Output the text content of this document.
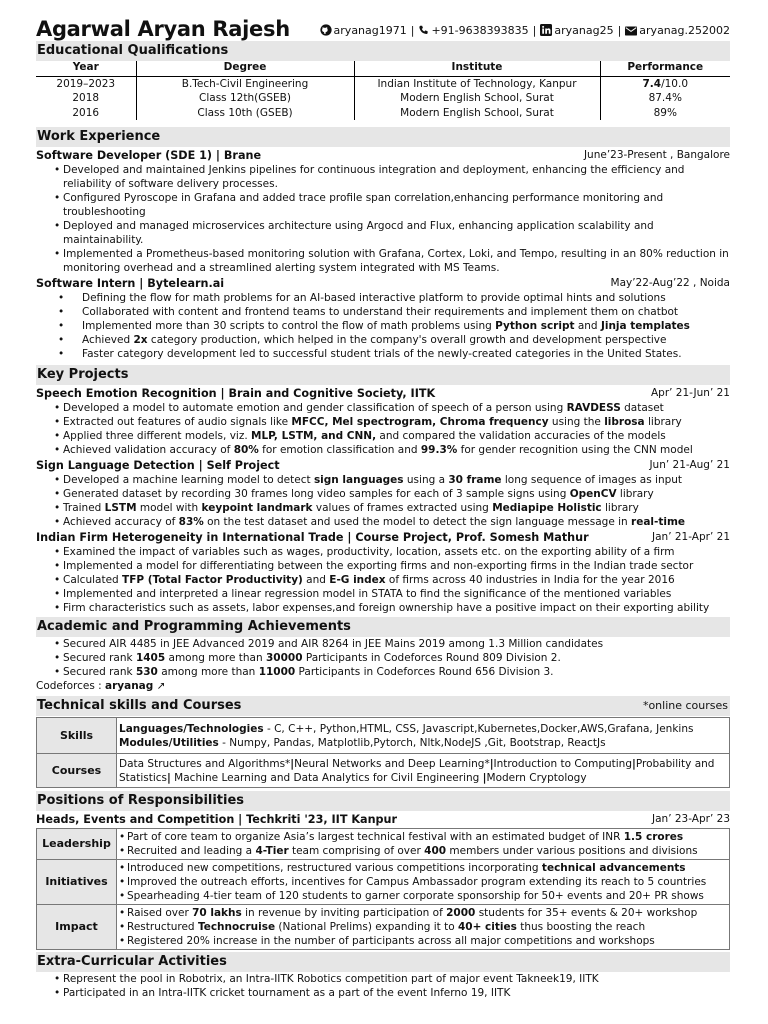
Agarwal Aryan Rajesh	aryanag1971 | +91-9638393835 | aryanag25 | aryanag.252002
Educational Qualifications
Year	Degree	Institute	Performance
2019–2023	B.Tech-Civil Engineering	Indian Institute of Technology, Kanpur	7.4/10.0
2018	Class 12th(GSEB)	Modern English School, Surat	87.4%
2016	Class 10th (GSEB)	Modern English School, Surat	89%
Work Experience
Software Developer (SDE 1) | Brane	June’23-Present , Bangalore
• Developed and maintained Jenkins pipelines for continuous integration and deployment, enhancing the efficiency and reliability of software delivery processes.
• Configured Pyroscope in Grafana and added trace profile span correlation,enhancing performance monitoring and troubleshooting
• Deployed and managed microservices architecture using Argocd and Flux, enhancing application scalability and maintainability.
• Implemented a Prometheus-based monitoring solution with Grafana, Cortex, Loki, and Tempo, resulting in an 80% reduction in monitoring overhead and a streamlined alerting system integrated with MS Teams.
Software Intern | Bytelearn.ai	May’22-Aug’22 , Noida
• Defining the flow for math problems for an AI-based interactive platform to provide optimal hints and solutions
• Collaborated with content and frontend teams to understand their requirements and implement them on chatbot
• Implemented more than 30 scripts to control the flow of math problems using Python script and Jinja templates
• Achieved 2x category production, which helped in the company's overall growth and development perspective
• Faster category development led to successful student trials of the newly-created categories in the United States.
Key Projects
Speech Emotion Recognition | Brain and Cognitive Society, IITK	Apr’ 21-Jun’ 21
• Developed a model to automate emotion and gender classification of speech of a person using RAVDESS dataset
• Extracted out features of audio signals like MFCC, Mel spectrogram, Chroma frequency using the librosa library
• Applied three different models, viz. MLP, LSTM, and CNN, and compared the validation accuracies of the models
• Achieved validation accuracy of 80% for emotion classification and 99.3% for gender recognition using the CNN model
Sign Language Detection | Self Project	Jun’ 21-Aug’ 21
• Developed a machine learning model to detect sign languages using a 30 frame long sequence of images as input
• Generated dataset by recording 30 frames long video samples for each of 3 sample signs using OpenCV library
• Trained LSTM model with keypoint landmark values of frames extracted using Mediapipe Holistic library
• Achieved accuracy of 83% on the test dataset and used the model to detect the sign language message in real-time
Indian Firm Heterogeneity in International Trade | Course Project, Prof. Somesh Mathur	Jan’ 21-Apr’ 21
• Examined the impact of variables such as wages, productivity, location, assets etc. on the exporting ability of a firm
• Implemented a model for differentiating between the exporting firms and non-exporting firms in the Indian trade sector
• Calculated TFP (Total Factor Productivity) and E-G index of firms across 40 industries in India for the year 2016
• Implemented and interpreted a linear regression model in STATA to find the significance of the mentioned variables
• Firm characteristics such as assets, labor expenses,and foreign ownership have a positive impact on their exporting ability
Academic and Programming Achievements
• Secured AIR 4485 in JEE Advanced 2019 and AIR 8264 in JEE Mains 2019 among 1.3 Million candidates
• Secured rank 1405 among more than 30000 Participants in Codeforces Round 809 Division 2.
• Secured rank 530 among more than 11000 Participants in Codeforces Round 656 Division 3.
Codeforces : aryanag ↗
Technical skills and Courses	*online courses
Skills	Languages/Technologies - C, C++, Python,HTML, CSS, Javascript,Kubernetes,Docker,AWS,Grafana, Jenkins
Modules/Utilities - Numpy, Pandas, Matplotlib,Pytorch, Nltk,NodeJS ,Git, Bootstrap, ReactJs
Courses	Data Structures and Algorithms*|Neural Networks and Deep Learning*|Introduction to Computing|Probability and Statistics| Machine Learning and Data Analytics for Civil Engineering |Modern Cryptology
Positions of Responsibilities
Heads, Events and Competition | Techkriti '23, IIT Kanpur	Jan’ 23-Apr’ 23
Leadership	• Part of core team to organize Asia’s largest technical festival with an estimated budget of INR 1.5 crores
• Recruited and leading a 4-Tier team comprising of over 400 members under various positions and divisions

Initiatives	• Introduced new competitions, restructured various competitions incorporating technical advancements
• Improved the outreach efforts, incentives for Campus Ambassador program extending its reach to 5 countries
• Spearheading 4-tier team of 120 students to garner corporate sponsorship for 50+ events and 20+ PR shows

Impact	• Raised over 70 lakhs in revenue by inviting participation of 2000 students for 35+ events & 20+ workshop
• Restructured Technocruise (National Prelims) expanding it to 40+ cities thus boosting the reach
• Registered 20% increase in the number of participants across all major competitions and workshops
Extra-Curricular Activities
• Represent the pool in Robotrix, an Intra-IITK Robotics competition part of major event Takneek19, IITK
• Participated in an Intra-IITK cricket tournament as a part of the event Inferno 19, IITK
